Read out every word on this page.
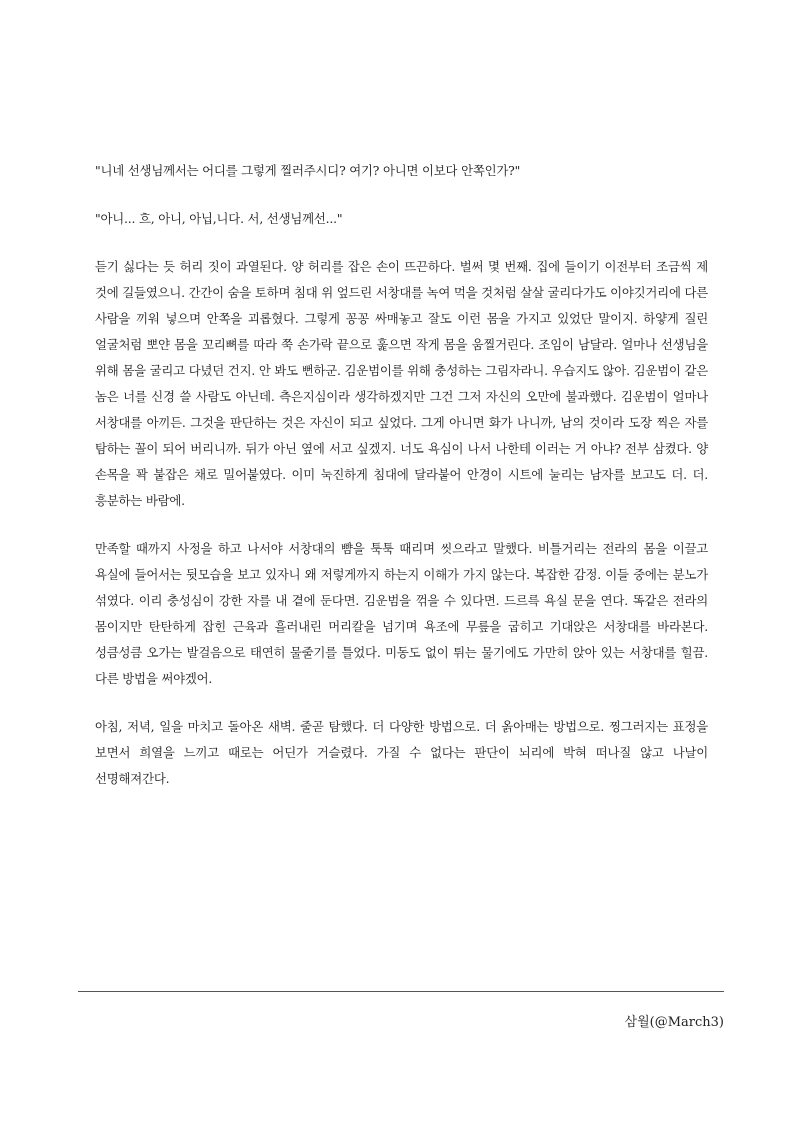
"니네 선생님께서는 어디를 그렇게 찔러주시디? 여기? 아니면 이보다 안쪽인가?"

"아니... 흐, 아니, 아닙,니다. 서, 선생님께선..."

듣기 싫다는 듯 허리 짓이 과열된다. 양 허리를 잡은 손이 뜨끈하다. 벌써 몇 번째. 집에 들이기 이전부터 조금씩 제 것에 길들였으니. 간간이 숨을 토하며 침대 위 엎드린 서창대를 녹여 먹을 것처럼 살살 굴리다가도 이야깃거리에 다른 사람을 끼워 넣으며 안쪽을 괴롭혔다. 그렇게 꽁꽁 싸매놓고 잘도 이런 몸을 가지고 있었단 말이지. 하얗게 질린 얼굴처럼 뽀얀 몸을 꼬리뼈를 따라 쭉 손가락 끝으로 훑으면 작게 몸을 움찔거린다. 조임이 남달라. 얼마나 선생님을 위해 몸을 굴리고 다녔던 건지. 안 봐도 뻔하군. 김운범이를 위해 충성하는 그림자라니. 우습지도 않아. 김운범이 같은 놈은 너를 신경 쓸 사람도 아닌데. 측은지심이라 생각하겠지만 그건 그저 자신의 오만에 불과했다. 김운범이 얼마나 서창대를 아끼든. 그것을 판단하는 것은 자신이 되고 싶었다. 그게 아니면 화가 나니까, 남의 것이라 도장 찍은 자를 탐하는 꼴이 되어 버리니까. 뒤가 아닌 옆에 서고 싶겠지. 너도 욕심이 나서 나한테 이러는 거 아냐? 전부 삼켰다. 양 손목을 꽉 붙잡은 채로 밀어붙였다. 이미 눅진하게 침대에 달라붙어 안경이 시트에 눌리는 남자를 보고도 더. 더. 흥분하는 바람에.

만족할 때까지 사정을 하고 나서야 서창대의 뺨을 툭툭 때리며 씻으라고 말했다. 비틀거리는 전라의 몸을 이끌고 욕실에 들어서는 뒷모습을 보고 있자니 왜 저렇게까지 하는지 이해가 가지 않는다. 복잡한 감정. 이들 중에는 분노가 섞였다. 이리 충성심이 강한 자를 내 곁에 둔다면. 김운범을 꺾을 수 있다면. 드르륵 욕실 문을 연다. 똑같은 전라의 몸이지만 탄탄하게 잡힌 근육과 흘러내린 머리칼을 넘기며 욕조에 무릎을 굽히고 기대앉은 서창대를 바라본다. 성큼성큼 오가는 발걸음으로 태연히 물줄기를 틀었다. 미동도 없이 튀는 물기에도 가만히 앉아 있는 서창대를 힐끔. 다른 방법을 써야겠어.

아침, 저녁, 일을 마치고 돌아온 새벽. 줄곧 탐했다. 더 다양한 방법으로. 더 옭아매는 방법으로. 찡그러지는 표정을 보면서 희열을 느끼고 때로는 어딘가 거슬렸다. 가질 수 없다는 판단이 뇌리에 박혀 떠나질 않고 나날이 선명해져간다.

삼월(@March3)
